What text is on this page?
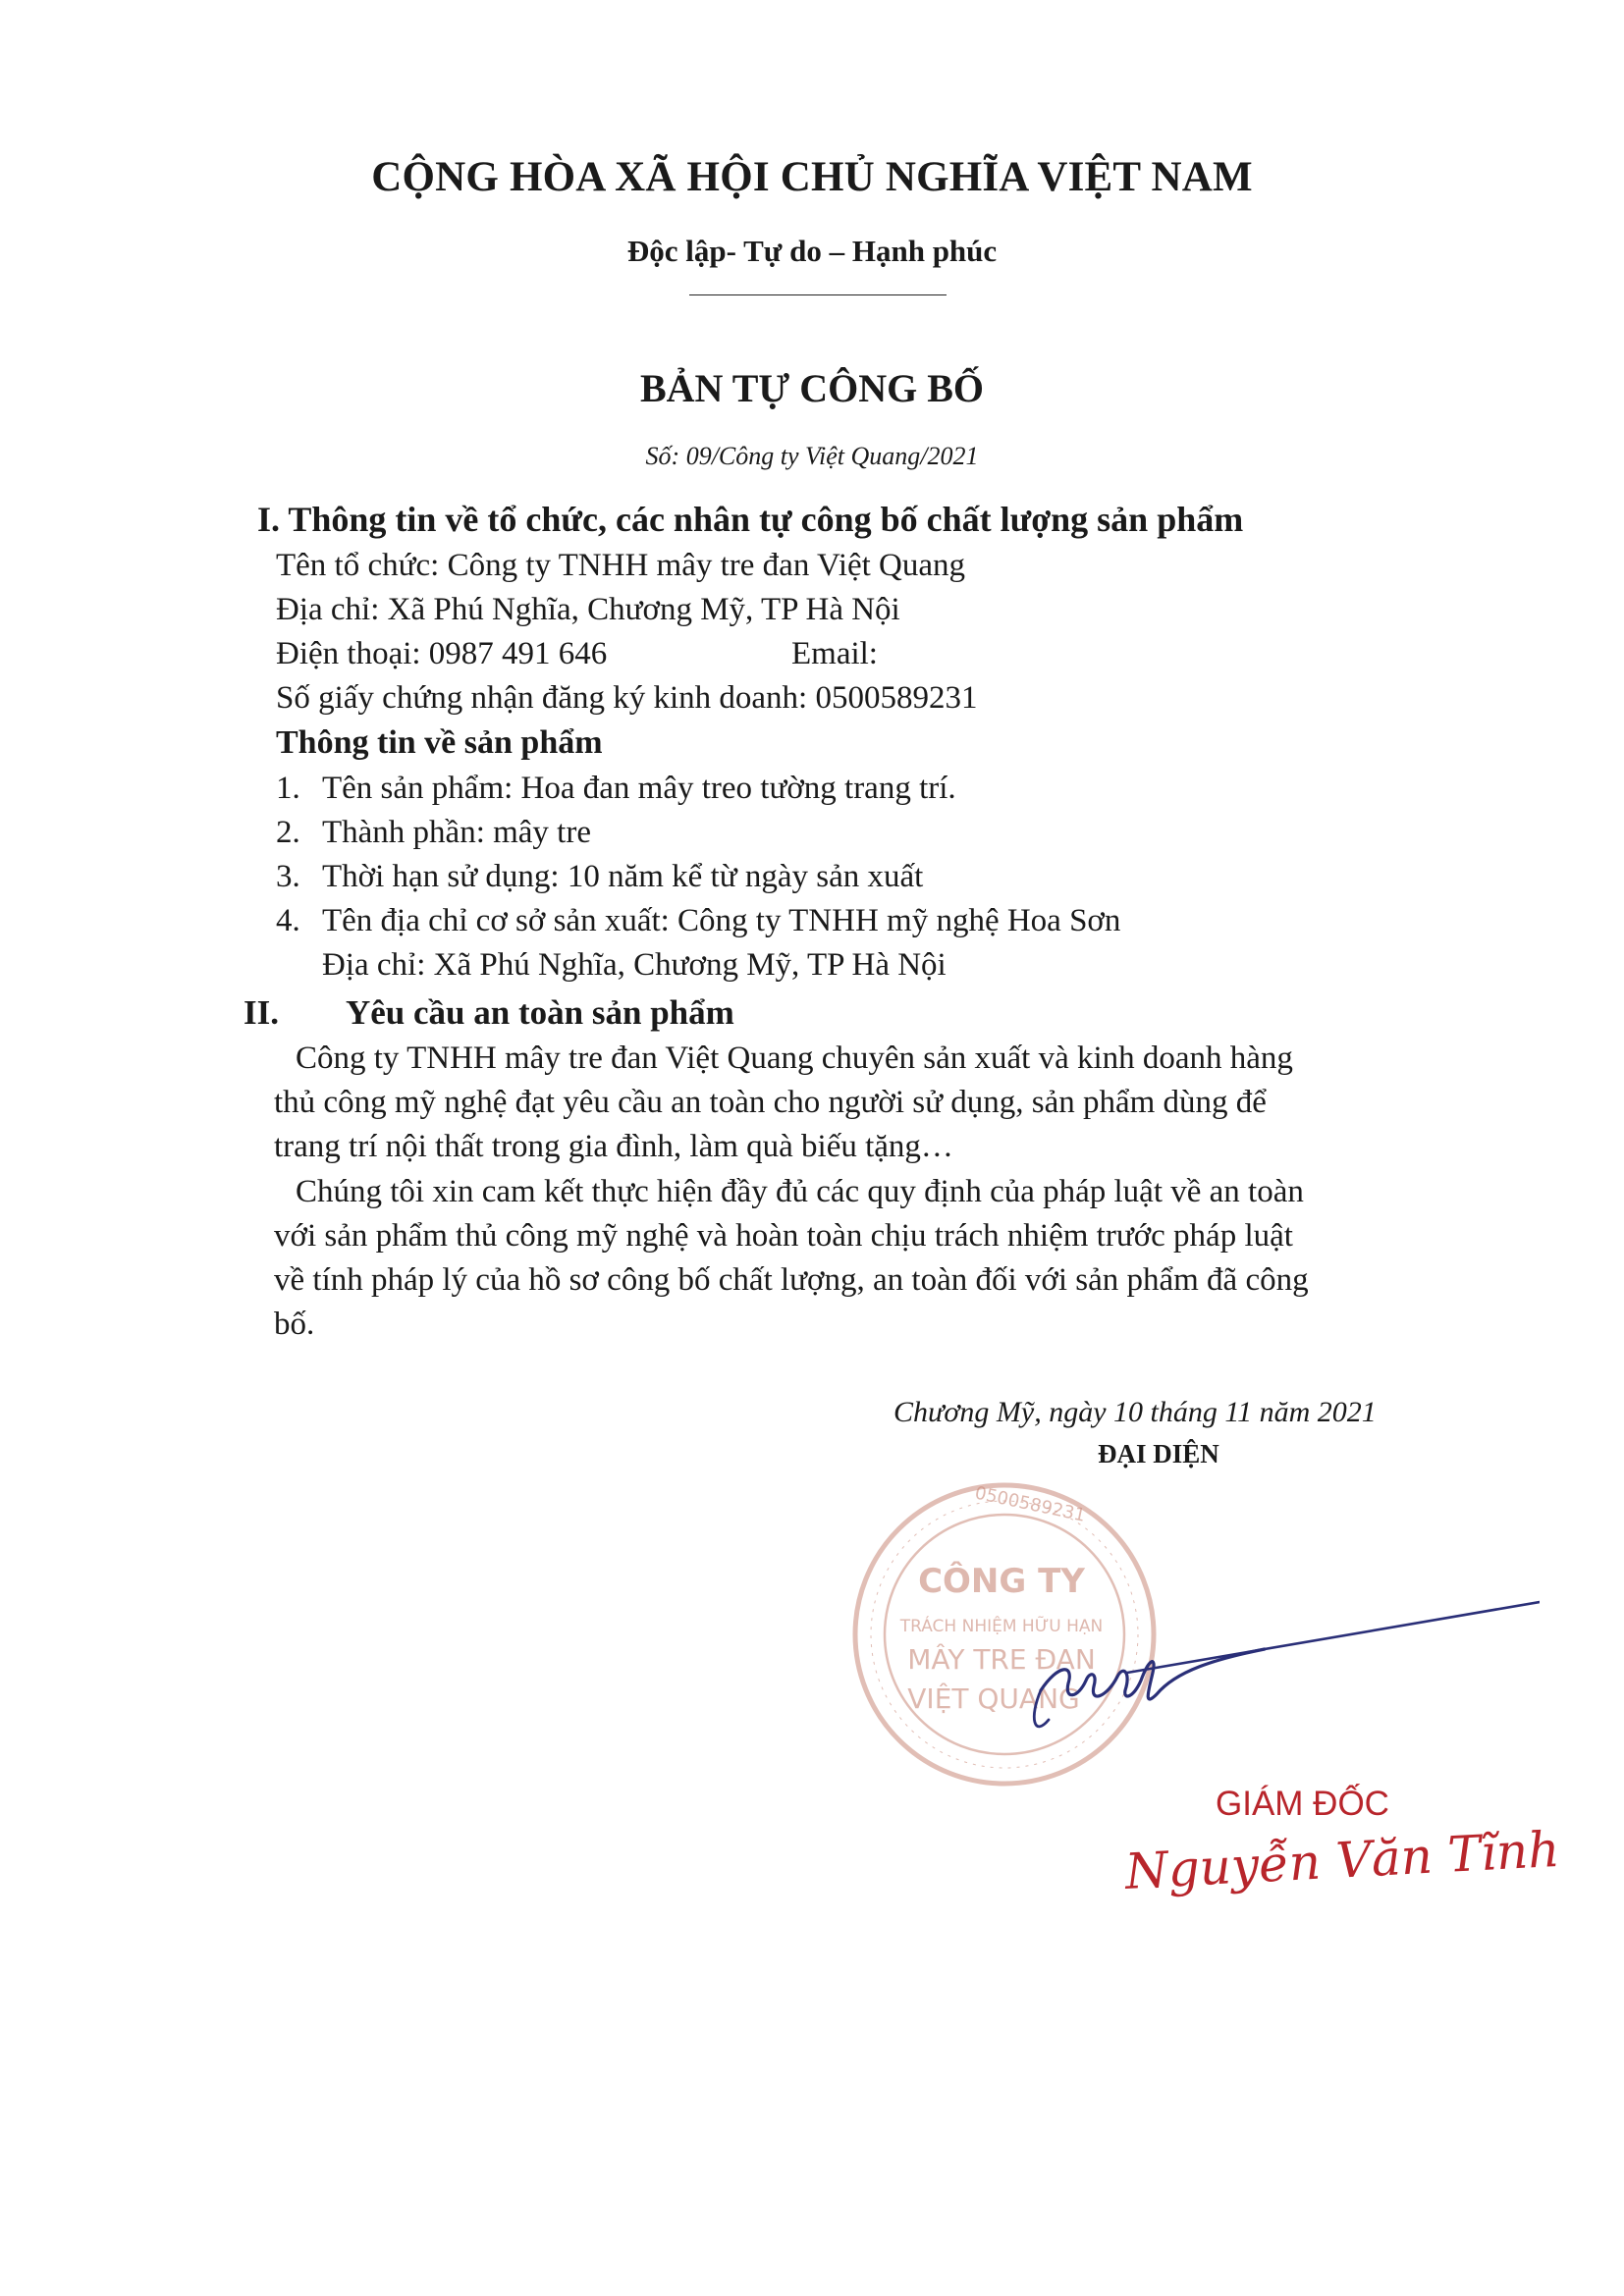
CỘNG HÒA XÃ HỘI CHỦ NGHĨA VIỆT NAM
Độc lập- Tự do – Hạnh phúc
BẢN TỰ CÔNG BỐ
Số: 09/Công ty Việt Quang/2021
I. Thông tin về tổ chức, các nhân tự công bố chất lượng sản phẩm
Tên tổ chức: Công ty TNHH mây tre đan Việt Quang
Địa chỉ: Xã Phú Nghĩa, Chương Mỹ, TP Hà Nội
Điện thoại: 0987 491 646	Email:
Số giấy chứng nhận đăng ký kinh doanh: 0500589231
Thông tin về sản phẩm
1. Tên sản phẩm: Hoa đan mây treo tường trang trí.
2. Thành phần: mây tre
3. Thời hạn sử dụng: 10 năm kể từ ngày sản xuất
4. Tên địa chỉ cơ sở sản xuất: Công ty TNHH mỹ nghệ Hoa Sơn
Địa chỉ: Xã Phú Nghĩa, Chương Mỹ, TP Hà Nội
II. Yêu cầu an toàn sản phẩm
Công ty TNHH mây tre đan Việt Quang chuyên sản xuất và kinh doanh hàng
thủ công mỹ nghệ đạt yêu cầu an toàn cho người sử dụng, sản phẩm dùng để
trang trí nội thất trong gia đình, làm quà biếu tặng…
Chúng tôi xin cam kết thực hiện đầy đủ các quy định của pháp luật về an toàn
với sản phẩm thủ công mỹ nghệ và hoàn toàn chịu trách nhiệm trước pháp luật
về tính pháp lý của hồ sơ công bố chất lượng, an toàn đối với sản phẩm đã công
bố.
Chương Mỹ, ngày 10 tháng 11 năm 2021
ĐẠI DIỆN
CÔNG TY
TRÁCH NHIỆM HỮU HẠN
MÂY TRE ĐAN
VIỆT QUANG
0500589231
GIÁM ĐỐC
Nguyễn Văn Tĩnh
